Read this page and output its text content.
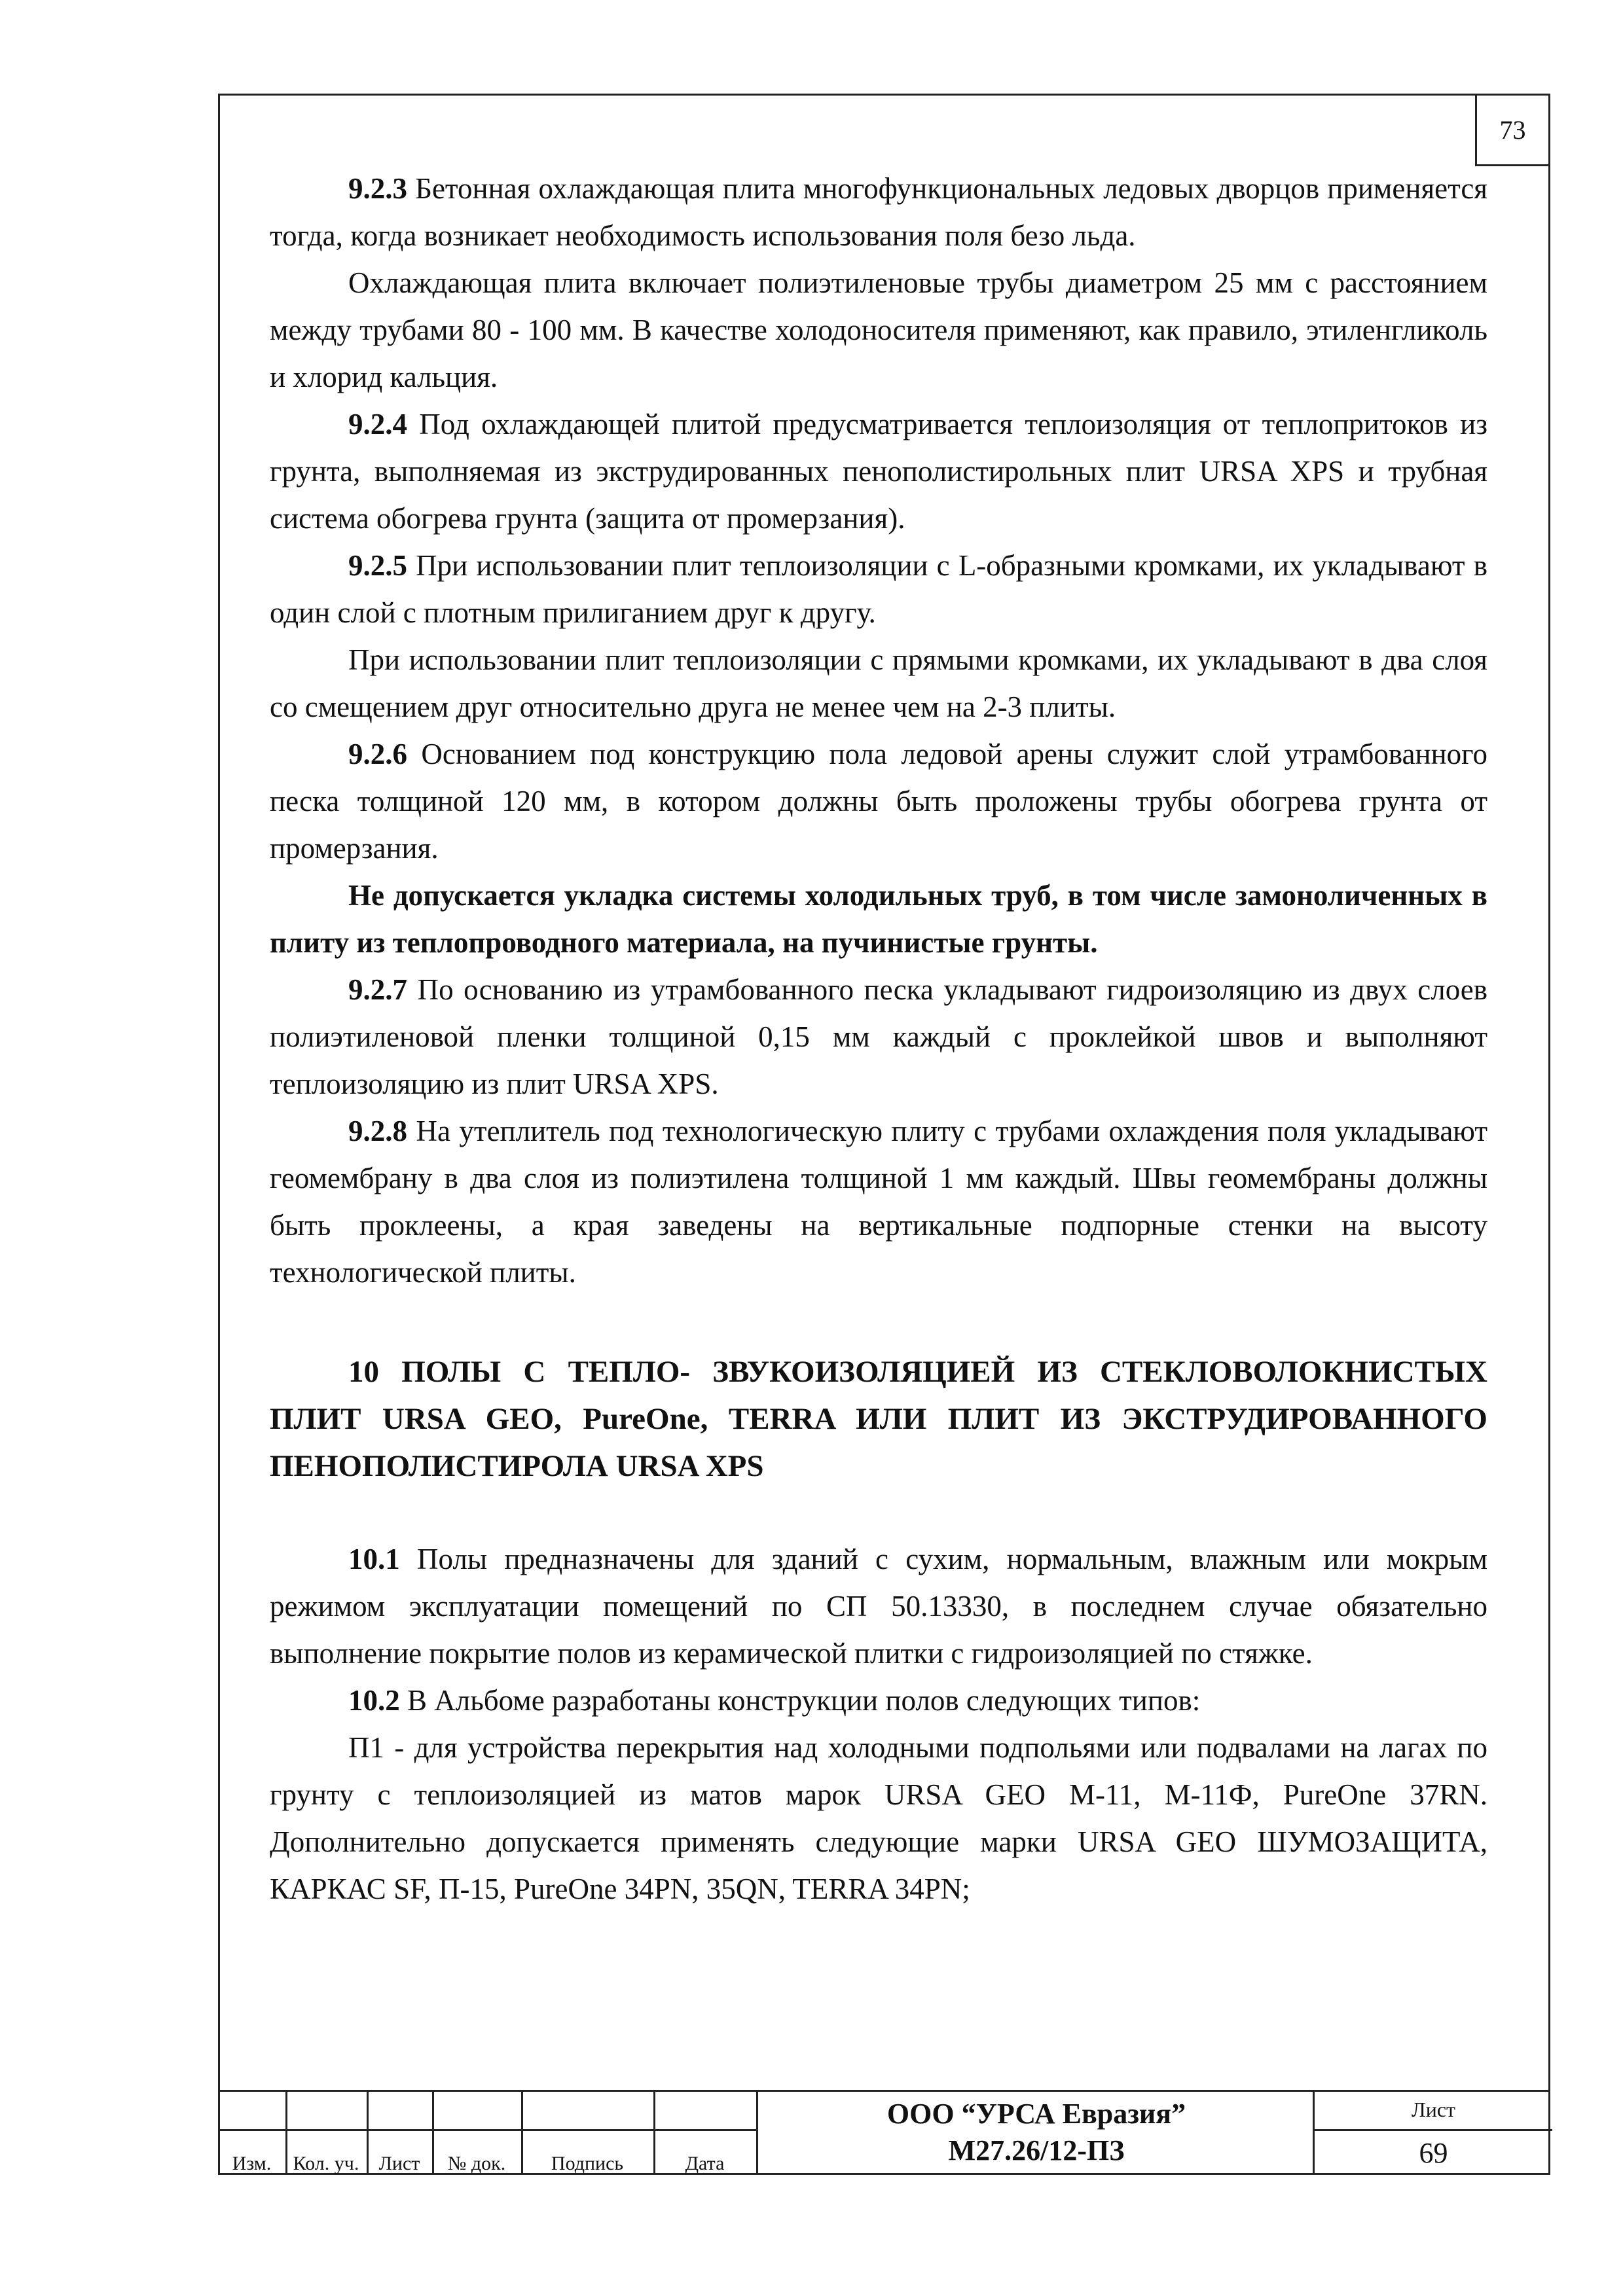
73

9.2.3 Бетонная охлаждающая плита многофункциональных ледовых дворцов применяется тогда, когда возникает необходимость использования поля безо льда.

Охлаждающая плита включает полиэтиленовые трубы диаметром 25 мм с расстоянием между трубами 80 - 100 мм. В качестве холодоносителя применяют, как правило, этиленгликоль и хлорид кальция.

9.2.4 Под охлаждающей плитой предусматривается теплоизоляция от теплопритоков из грунта, выполняемая из экструдированных пенополистирольных плит URSA XPS и трубная система обогрева грунта (защита от промерзания).

9.2.5 При использовании плит теплоизоляции с L-образными кромками, их укладывают в один слой с плотным прилиганием друг к другу.

При использовании плит теплоизоляции с прямыми кромками, их укладывают в два слоя со смещением друг относительно друга не менее чем на 2-3 плиты.

9.2.6 Основанием под конструкцию пола ледовой арены служит слой утрамбованного песка толщиной 120 мм, в котором должны быть проложены трубы обогрева грунта от промерзания.

Не допускается укладка системы холодильных труб, в том числе замоноличенных в плиту из теплопроводного материала, на пучинистые грунты.

9.2.7 По основанию из утрамбованного песка укладывают гидроизоляцию из двух слоев полиэтиленовой пленки толщиной 0,15 мм каждый с проклейкой швов и выполняют теплоизоляцию из плит URSA XPS.

9.2.8 На утеплитель под технологическую плиту с трубами охлаждения поля укладывают геомембрану в два слоя из полиэтилена толщиной 1 мм каждый. Швы геомембраны должны быть проклеены, а края заведены на вертикальные подпорные стенки на высоту технологической плиты.

10 ПОЛЫ С ТЕПЛО- ЗВУКОИЗОЛЯЦИЕЙ ИЗ СТЕКЛОВОЛОКНИСТЫХ ПЛИТ URSA GEO, PureOne, TERRA ИЛИ ПЛИТ ИЗ ЭКСТРУДИРОВАННОГО ПЕНОПОЛИСТИРОЛА URSA XPS

10.1 Полы предназначены для зданий с сухим, нормальным, влажным или мокрым режимом эксплуатации помещений по СП 50.13330, в последнем случае обязательно выполнение покрытие полов из керамической плитки с гидроизоляцией по стяжке.

10.2 В Альбоме разработаны конструкции полов следующих типов:

П1 - для устройства перекрытия над холодными подпольями или подвалами на лагах по грунту с теплоизоляцией из матов марок URSA GEO М-11, М-11Ф, PureOne 37RN. Дополнительно допускается применять следующие марки URSA GEO ШУМОЗАЩИТА, КАРКАС SF, П-15, PureOne 34PN, 35QN, TERRA 34PN;

Изм.	Кол. уч.	Лист	№ док.	Подпись	Дата
ООО “УРСА Евразия”
М27.26/12-ПЗ
Лист
69
